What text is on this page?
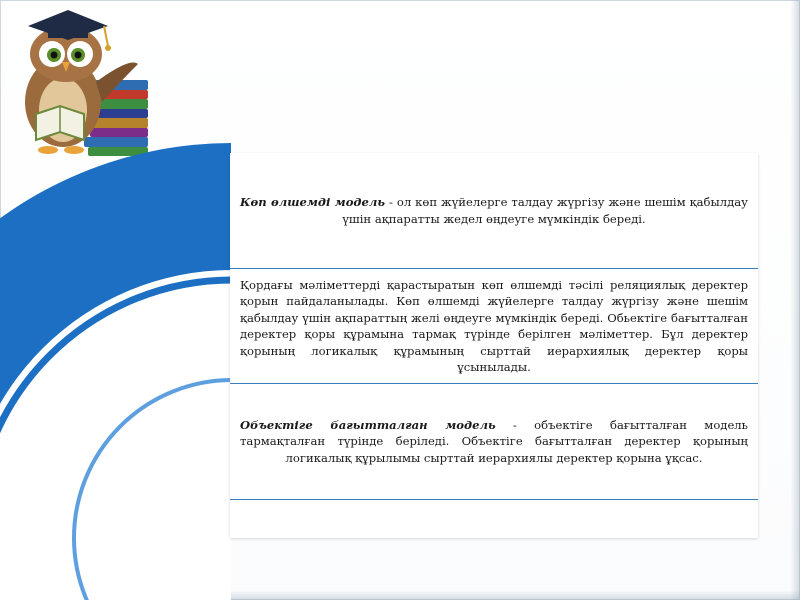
Көп өлшемді модель - ол көп жүйелерге талдау жүргізу және шешім қабылдау үшін ақпаратты жедел өңдеуге мүмкіндік береді.

Қордағы мәліметтерді қарастыратын көп өлшемді тәсілі реляциялық деректер қорын пайдаланылады. Көп өлшемді жүйелерге талдау жүргізу және шешім қабылдау үшін ақпараттың желі өңдеуге мүмкіндік береді. Обьектіге бағытталған деректер қоры құрамына тармақ түрінде берілген мәліметтер. Бұл деректер қорының логикалық құрамының сырттай иерархиялық деректер қоры ұсынылады.

Объектіге бағытталған модель - объектіге бағытталған модель тармақталған түрінде беріледі. Объектіге бағытталған деректер қорының логикалық құрылымы сырттай иерархиялы деректер қорына ұқсас.
